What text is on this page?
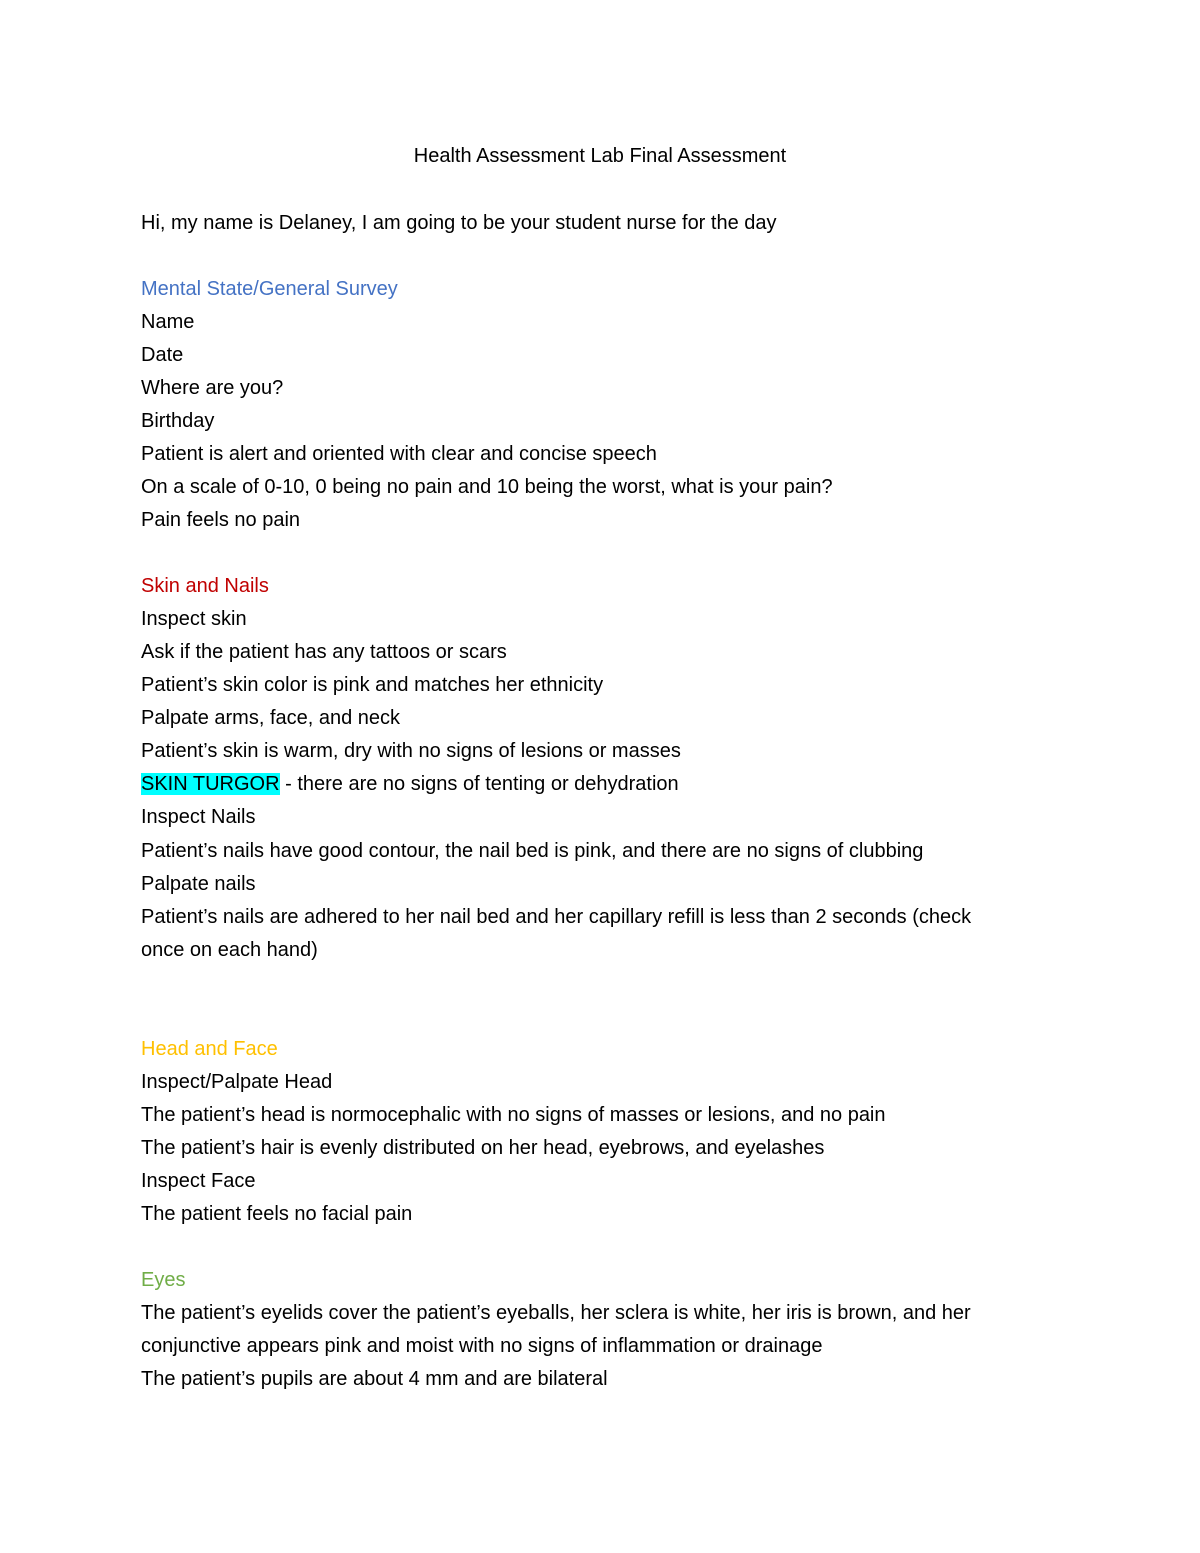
Health Assessment Lab Final Assessment
Hi, my name is Delaney, I am going to be your student nurse for the day
Mental State/General Survey
Name
Date
Where are you?
Birthday
Patient is alert and oriented with clear and concise speech
On a scale of 0-10, 0 being no pain and 10 being the worst, what is your pain?
Pain feels no pain
Skin and Nails
Inspect skin
Ask if the patient has any tattoos or scars
Patient’s skin color is pink and matches her ethnicity
Palpate arms, face, and neck
Patient’s skin is warm, dry with no signs of lesions or masses
SKIN TURGOR - there are no signs of tenting or dehydration
Inspect Nails
Patient’s nails have good contour, the nail bed is pink, and there are no signs of clubbing
Palpate nails
Patient’s nails are adhered to her nail bed and her capillary refill is less than 2 seconds (check
once on each hand)
Head and Face
Inspect/Palpate Head
The patient’s head is normocephalic with no signs of masses or lesions, and no pain
The patient’s hair is evenly distributed on her head, eyebrows, and eyelashes
Inspect Face
The patient feels no facial pain
Eyes
The patient’s eyelids cover the patient’s eyeballs, her sclera is white, her iris is brown, and her
conjunctive appears pink and moist with no signs of inflammation or drainage
The patient’s pupils are about 4 mm and are bilateral
